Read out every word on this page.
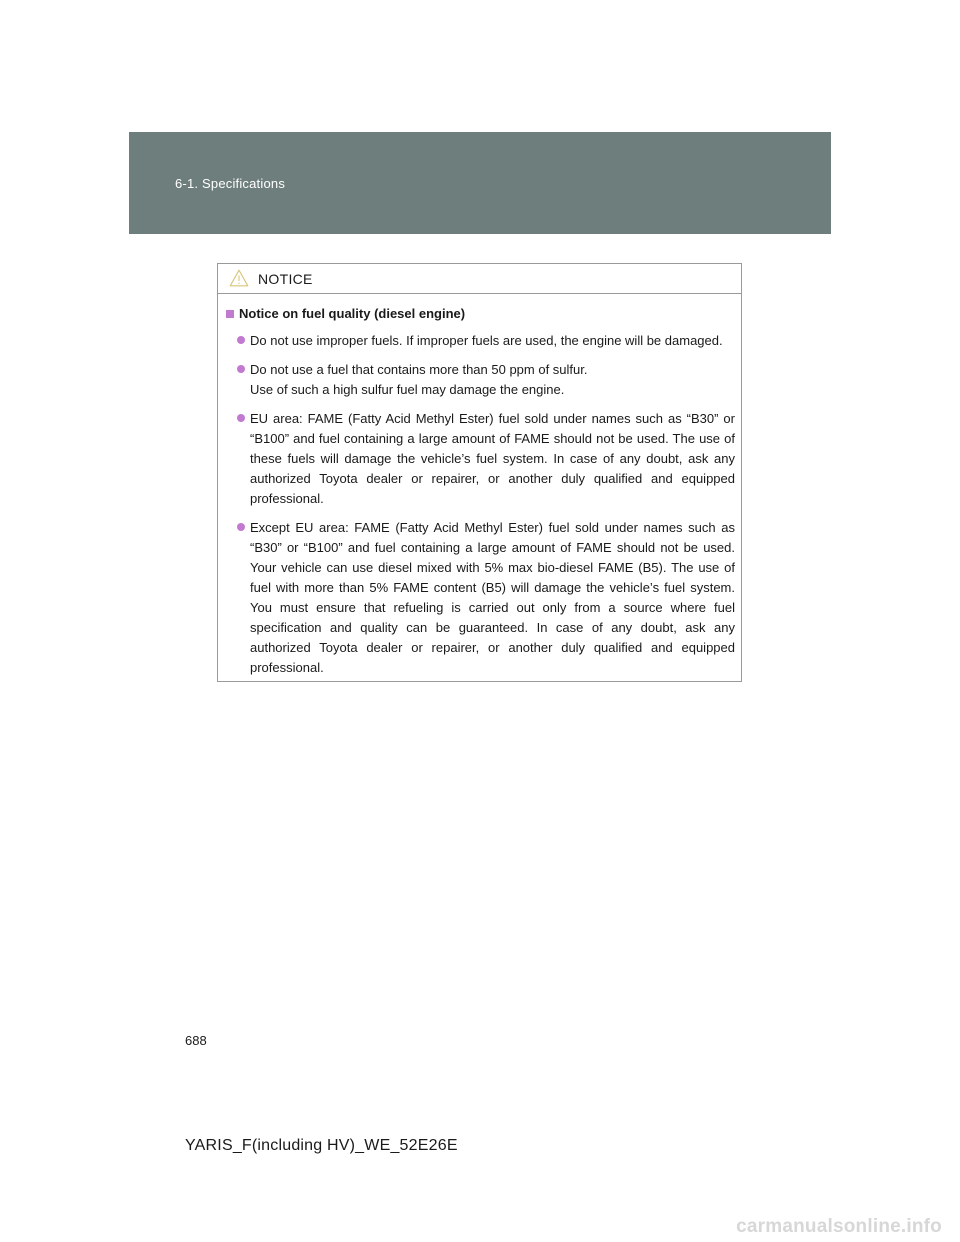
6-1. Specifications
NOTICE
Notice on fuel quality (diesel engine)
Do not use improper fuels. If improper fuels are used, the engine will be damaged.
Do not use a fuel that contains more than 50 ppm of sulfur.
Use of such a high sulfur fuel may damage the engine.
EU area: FAME (Fatty Acid Methyl Ester) fuel sold under names such as “B30” or “B100” and fuel containing a large amount of FAME should not be used. The use of these fuels will damage the vehicle’s fuel system. In case of any doubt, ask any authorized Toyota dealer or repairer, or another duly qualified and equipped professional.
Except EU area: FAME (Fatty Acid Methyl Ester) fuel sold under names such as “B30” or “B100” and fuel containing a large amount of FAME should not be used. Your vehicle can use diesel mixed with 5% max bio-diesel FAME (B5). The use of fuel with more than 5% FAME content (B5) will damage the vehicle’s fuel system. You must ensure that refueling is carried out only from a source where fuel specification and quality can be guaranteed. In case of any doubt, ask any authorized Toyota dealer or repairer, or another duly qualified and equipped professional.
688
YARIS_F(including HV)_WE_52E26E
carmanualsonline.info
